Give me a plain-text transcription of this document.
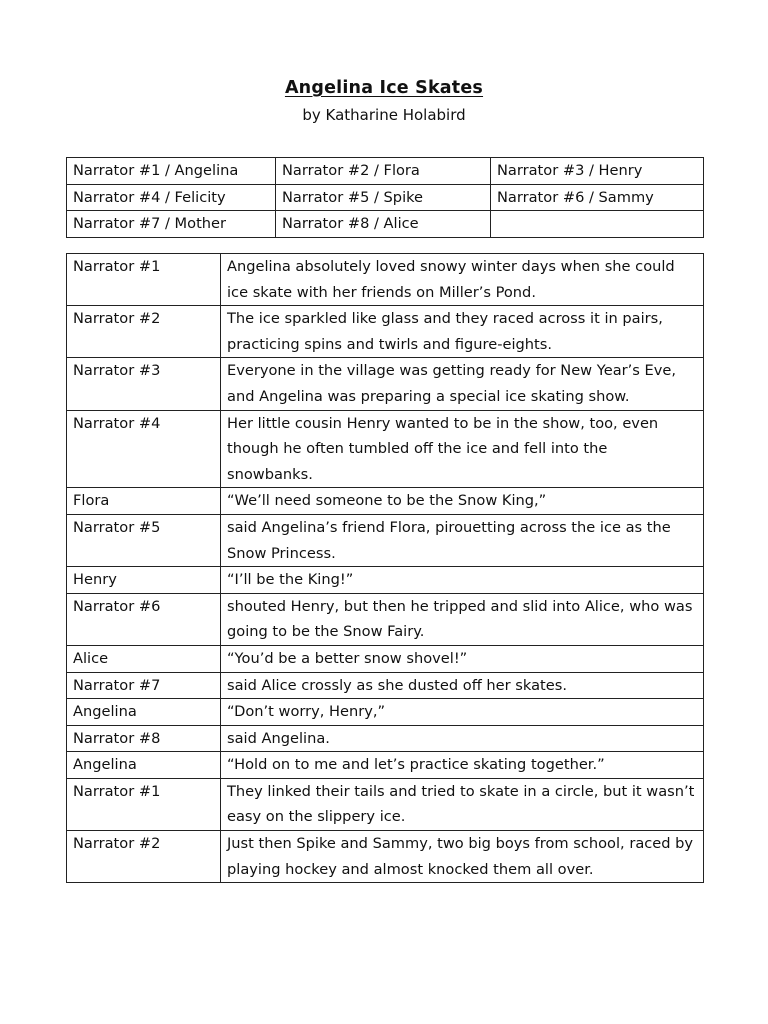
Angelina Ice Skates
by Katharine Holabird
Narrator #1 / Angelina	Narrator #2 / Flora	Narrator #3 / Henry
Narrator #4 / Felicity	Narrator #5 / Spike	Narrator #6 / Sammy
Narrator #7 / Mother	Narrator #8 / Alice	
Narrator #1	Angelina absolutely loved snowy winter days when she could ice skate with her friends on Miller’s Pond.
Narrator #2	The ice sparkled like glass and they raced across it in pairs, practicing spins and twirls and figure-eights.
Narrator #3	Everyone in the village was getting ready for New Year’s Eve, and Angelina was preparing a special ice skating show.
Narrator #4	Her little cousin Henry wanted to be in the show, too, even though he often tumbled off the ice and fell into the snowbanks.
Flora	“We’ll need someone to be the Snow King,”
Narrator #5	said Angelina’s friend Flora, pirouetting across the ice as the Snow Princess.
Henry	“I’ll be the King!”
Narrator #6	shouted Henry, but then he tripped and slid into Alice, who was going to be the Snow Fairy.
Alice	“You’d be a better snow shovel!”
Narrator #7	said Alice crossly as she dusted off her skates.
Angelina	“Don’t worry, Henry,”
Narrator #8	said Angelina.
Angelina	“Hold on to me and let’s practice skating together.”
Narrator #1	They linked their tails and tried to skate in a circle, but it wasn’t easy on the slippery ice.
Narrator #2	Just then Spike and Sammy, two big boys from school, raced by playing hockey and almost knocked them all over.
